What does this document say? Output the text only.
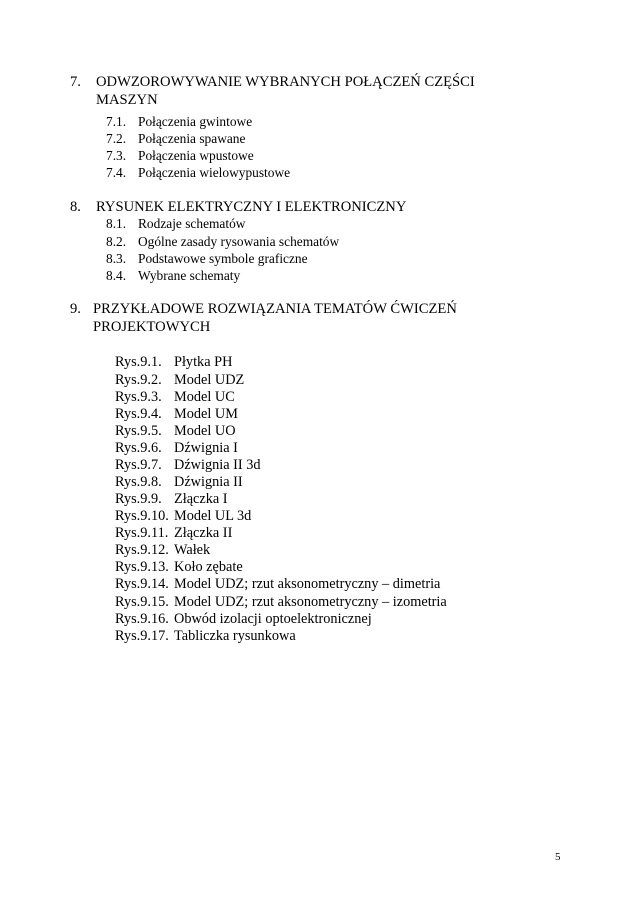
7. ODWZOROWYWANIE WYBRANYCH POŁĄCZEŃ CZĘŚCI
MASZYN
7.1. Połączenia gwintowe
7.2. Połączenia spawane
7.3. Połączenia wpustowe
7.4. Połączenia wielowypustowe
8. RYSUNEK ELEKTRYCZNY I ELEKTRONICZNY
8.1. Rodzaje schematów
8.2. Ogólne zasady rysowania schematów
8.3. Podstawowe symbole graficzne
8.4. Wybrane schematy
9. PRZYKŁADOWE ROZWIĄZANIA TEMATÓW ĆWICZEŃ
PROJEKTOWYCH
Rys.9.1. Płytka PH
Rys.9.2. Model UDZ
Rys.9.3. Model UC
Rys.9.4. Model UM
Rys.9.5. Model UO
Rys.9.6. Dźwignia I
Rys.9.7. Dźwignia II 3d
Rys.9.8. Dźwignia II
Rys.9.9. Złączka I
Rys.9.10. Model UL 3d
Rys.9.11. Złączka II
Rys.9.12. Wałek
Rys.9.13. Koło zębate
Rys.9.14. Model UDZ; rzut aksonometryczny – dimetria
Rys.9.15. Model UDZ; rzut aksonometryczny – izometria
Rys.9.16. Obwód izolacji optoelektronicznej
Rys.9.17. Tabliczka rysunkowa
5
